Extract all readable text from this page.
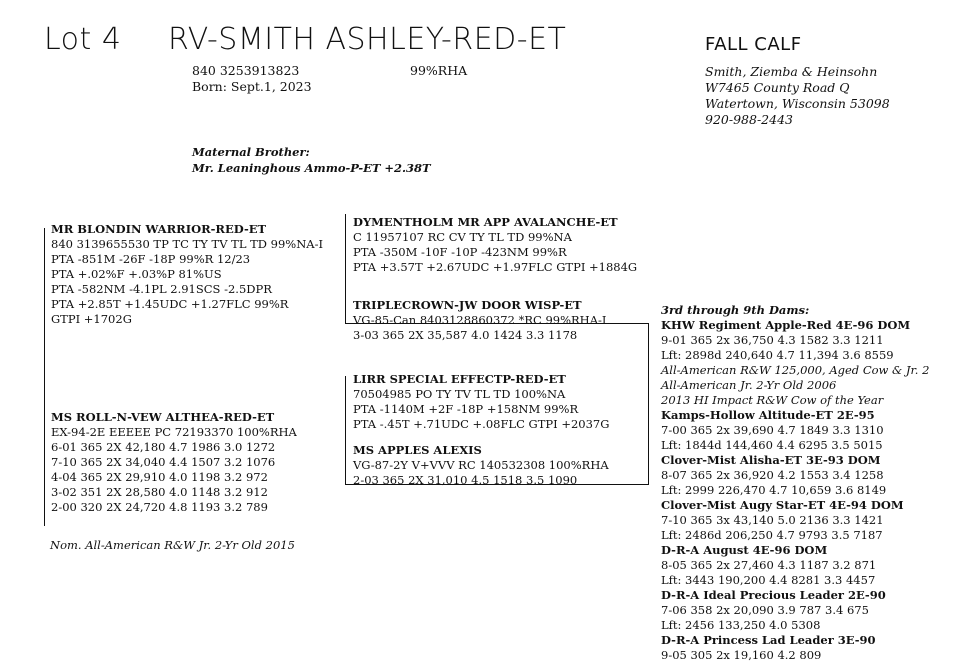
Lot 4 RV-SMITH ASHLEY-RED-ET	FALL CALF
840 3253913823	99%RHA
Born: Sept.1, 2023
Smith, Ziemba & Heinsohn
W7465 County Road Q
Watertown, Wisconsin 53098
920-988-2443
Maternal Brother:
Mr. Leaninghous Ammo-P-ET +2.38T
MR BLONDIN WARRIOR-RED-ET
840 3139655530 TP TC TY TV TL TD 99%NA-I
PTA -851M -26F -18P 99%R 12/23
PTA +.02%F +.03%P 81%US
PTA -582NM -4.1PL 2.91SCS -2.5DPR
PTA +2.85T +1.45UDC +1.27FLC 99%R
GTPI +1702G
DYMENTHOLM MR APP AVALANCHE-ET
C 11957107 RC CV TY TL TD 99%NA
PTA -350M -10F -10P -423NM 99%R
PTA +3.57T +2.67UDC +1.97FLC GTPI +1884G
TRIPLECROWN-JW DOOR WISP-ET
VG-85-Can 8403128860372 *RC 99%RHA-I
3-03 365 2X 35,587 4.0 1424 3.3 1178
MS ROLL-N-VEW ALTHEA-RED-ET
EX-94-2E EEEEE PC 72193370 100%RHA
6-01 365 2X 42,180 4.7 1986 3.0 1272
7-10 365 2X 34,040 4.4 1507 3.2 1076
4-04 365 2X 29,910 4.0 1198 3.2 972
3-02 351 2X 28,580 4.0 1148 3.2 912
2-00 320 2X 24,720 4.8 1193 3.2 789
LIRR SPECIAL EFFECTP-RED-ET
70504985 PO TY TV TL TD 100%NA
PTA -1140M +2F -18P +158NM 99%R
PTA -.45T +.71UDC +.08FLC GTPI +2037G
MS APPLES ALEXIS
VG-87-2Y V+VVV RC 140532308 100%RHA
2-03 365 2X 31,010 4.5 1518 3.5 1090
Nom. All-American R&W Jr. 2-Yr Old 2015
3rd through 9th Dams:
KHW Regiment Apple-Red 4E-96 DOM
9-01 365 2x 36,750 4.3 1582 3.3 1211
Lft: 2898d 240,640 4.7 11,394 3.6 8559
All-American R&W 125,000, Aged Cow & Jr. 2
All-American Jr. 2-Yr Old 2006
2013 HI Impact R&W Cow of the Year
Kamps-Hollow Altitude-ET 2E-95
7-00 365 2x 39,690 4.7 1849 3.3 1310
Lft: 1844d 144,460 4.4 6295 3.5 5015
Clover-Mist Alisha-ET 3E-93 DOM
8-07 365 2x 36,920 4.2 1553 3.4 1258
Lft: 2999 226,470 4.7 10,659 3.6 8149
Clover-Mist Augy Star-ET 4E-94 DOM
7-10 365 3x 43,140 5.0 2136 3.3 1421
Lft: 2486d 206,250 4.7 9793 3.5 7187
D-R-A August 4E-96 DOM
8-05 365 2x 27,460 4.3 1187 3.2 871
Lft: 3443 190,200 4.4 8281 3.3 4457
D-R-A Ideal Precious Leader 2E-90
7-06 358 2x 20,090 3.9 787 3.4 675
Lft: 2456 133,250 4.0 5308
D-R-A Princess Lad Leader 3E-90
9-05 305 2x 19,160 4.2 809
